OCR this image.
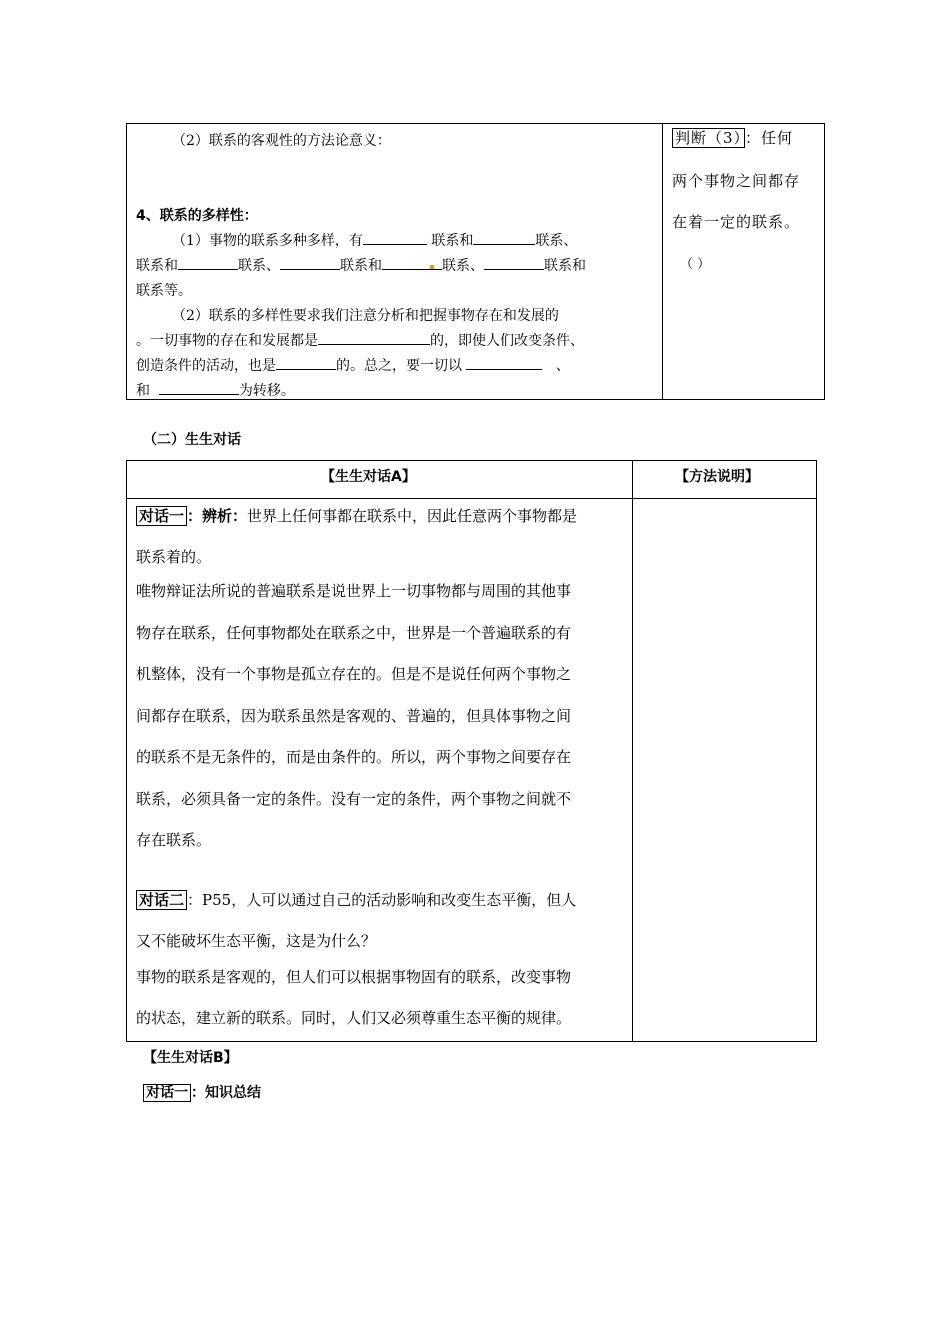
（2）联系的客观性的方法论意义：
4、联系的多样性：
（1）事物的联系多种多样，有	联系和	联系、
联系和	联系、	联系和	联系、	联系和
联系等。
（2）联系的多样性要求我们注意分析和把握事物存在和发展的
。一切事物的存在和发展都是	的，即使人们改变条件、
创造条件的活动，也是	的。总之，要一切以	、
和	为转移。
判断（3） ：任何
两个事物之间都存
在着一定的联系。
（ ）
（二）生生对话
【生生对话A】	【方法说明】
对话一 ：辨析：世界上任何事都在联系中，因此任意两个事物都是
联系着的。
唯物辩证法所说的普遍联系是说世界上一切事物都与周围的其他事
物存在联系，任何事物都处在联系之中，世界是一个普遍联系的有
机整体，没有一个事物是孤立存在的。但是不是说任何两个事物之
间都存在联系，因为联系虽然是客观的、普遍的，但具体事物之间
的联系不是无条件的，而是由条件的。所以，两个事物之间要存在
联系，必须具备一定的条件。没有一定的条件，两个事物之间就不
存在联系。
对话二 ：P55，人可以通过自己的活动影响和改变生态平衡，但人
又不能破坏生态平衡，这是为什么？
事物的联系是客观的，但人们可以根据事物固有的联系，改变事物
的状态，建立新的联系。同时，人们又必须尊重生态平衡的规律。
【生生对话B】
对话一 ：知识总结
